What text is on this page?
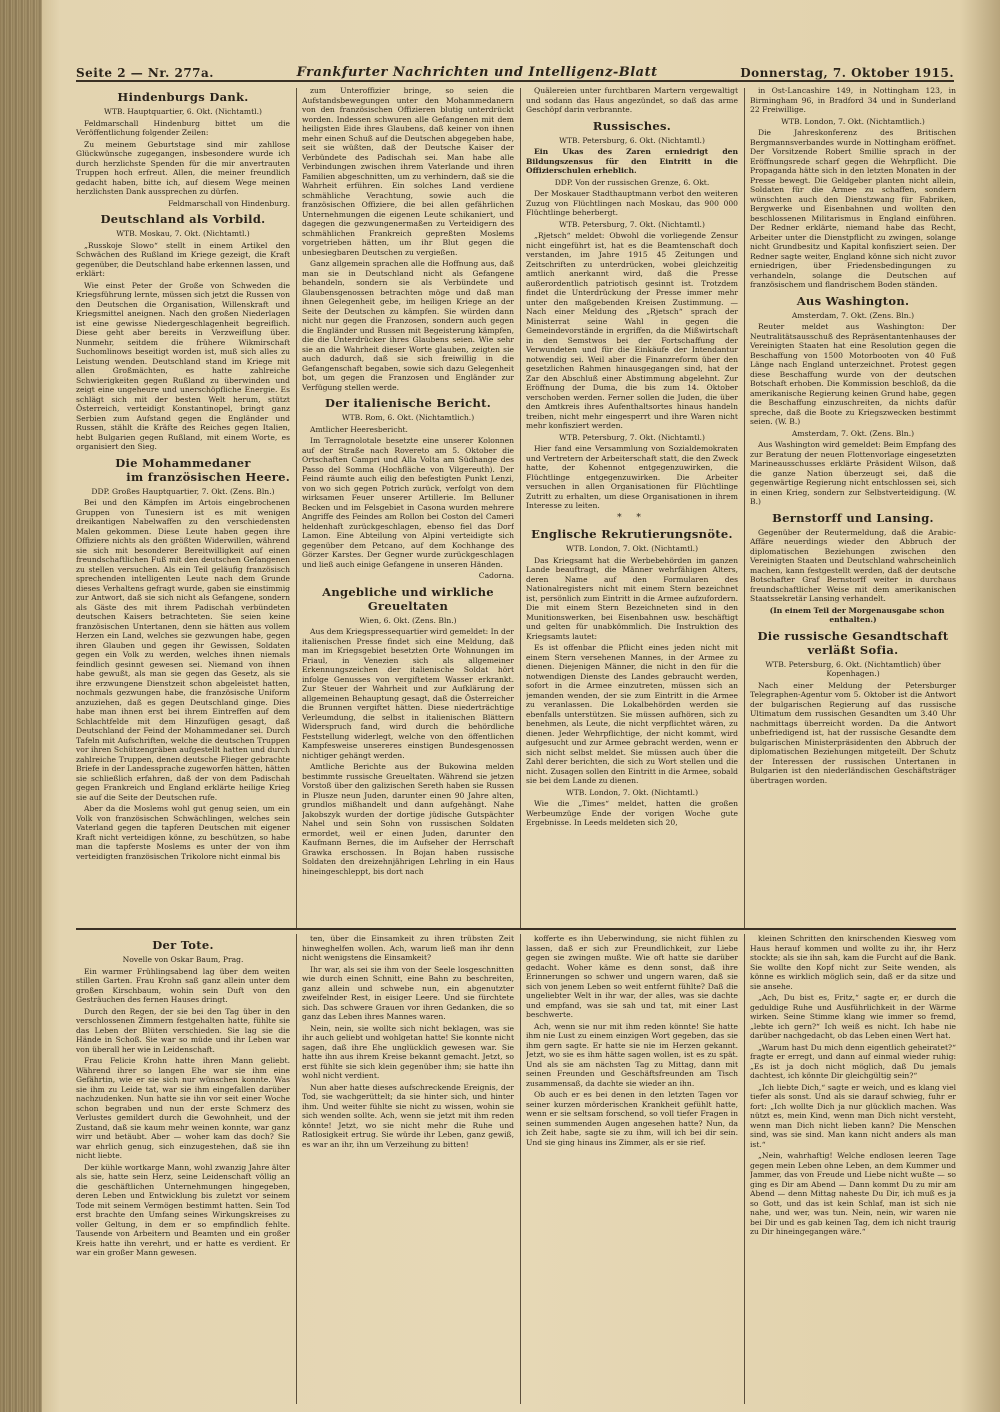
Seite 2 — Nr. 277a.	Frankfurter Nachrichten und Intelligenz-Blatt	Donnerstag, 7. Oktober 1915.
Hindenburgs Dank.
WTB. Hauptquartier, 6. Okt. (Nichtamtl.)

Feldmarschall Hindenburg bittet um die Veröffentlichung folgender Zeilen:

Zu meinem Geburtstage sind mir zahllose Glückwünsche zugegangen, insbesondere wurde ich durch herzlichste Spenden für die mir anvertrauten Truppen hoch erfreut. Allen, die meiner freundlich gedacht haben, bitte ich, auf diesem Wege meinen herzlichsten Dank aussprechen zu dürfen.

Feldmarschall von Hindenburg.

Deutschland als Vorbild.
WTB. Moskau, 7. Okt. (Nichtamtl.)

„Russkoje Slowo“ stellt in einem Artikel den Schwächen des Rußland im Kriege gezeigt, die Kraft gegenüber, die Deutschland habe erkennen lassen, und erklärt:

Wie einst Peter der Große von Schweden die Kriegsführung lernte, müssen sich jetzt die Russen von den Deutschen die Organisation, Willenskraft und Kriegsmittel aneignen. Nach den großen Niederlagen ist eine gewisse Niedergeschlagenheit begreiflich. Diese geht aber bereits in Verzweiflung über. Nunmehr, seitdem die frühere Wikmirschaft Suchomlinows beseitigt worden ist, muß sich alles zu Leistung wenden. Deutschland stand im Kriege mit allen Großmächten, es hatte zahlreiche Schwierigkeiten gegen Rußland zu überwinden und zeigt eine ungeheure und unerschöpfliche Energie. Es schlägt sich mit der besten Welt herum, stützt Österreich, verteidigt Konstantinopel, bringt ganz Serbien zum Aufstand gegen die Engländer und Russen, stählt die Kräfte des Reiches gegen Italien, hebt Bulgarien gegen Rußland, mit einem Worte, es organisiert den Sieg.

Die Mohammedaner
im französischen Heere.
DDP. Großes Hauptquartier, 7. Okt. (Zens. Bln.)

Bei und den Kämpfen im Artois eingebrochenen Gruppen von Tunesiern ist es mit wenigen dreikantigen Nabelwaffen zu den verschiedensten Malen gekommen. Diese Leute haben gegen ihre Offiziere nichts als den größten Widerwillen, während sie sich mit besonderer Bereitwilligkeit auf einen freundschaftlichen Fuß mit den deutschen Gefangenen zu stellen versuchen. Als ein Teil geläufig französisch sprechenden intelligenten Leute nach dem Grunde dieses Verhaltens gefragt wurde, gaben sie einstimmig zur Antwort, daß sie sich nicht als Gefangene, sondern als Gäste des mit ihrem Padischah verbündeten deutschen Kaisers betrachteten. Sie seien keine französischen Untertanen, denn sie hätten aus vollem Herzen ein Land, welches sie gezwungen habe, gegen ihren Glauben und gegen ihr Gewissen, Soldaten gegen ein Volk zu werden, welches ihnen niemals feindlich gesinnt gewesen sei. Niemand von ihnen habe gewußt, als man sie gegen das Gesetz, als sie ihre erzwungene Dienstzeit schon abgeleistet hatten, nochmals gezwungen habe, die französische Uniform anzuziehen, daß es gegen Deutschland ginge. Dies habe man ihnen erst bei ihrem Eintreffen auf dem Schlachtfelde mit dem Hinzufügen gesagt, daß Deutschland der Feind der Mohammedaner sei. Durch Tafeln mit Aufschriften, welche die deutschen Truppen vor ihren Schützengräben aufgestellt hatten und durch zahlreiche Truppen, denen deutsche Flieger gebrachte Briefe in der Landessprache zugeworfen hätten, hätten sie schließlich erfahren, daß der von dem Padischah gegen Frankreich und England erklärte heilige Krieg sie auf die Seite der Deutschen rufe.

Aber da die Moslems wohl gut genug seien, um ein Volk von französischen Schwächlingen, welches sein Vaterland gegen die tapferen Deutschen mit eigener Kraft nicht verteidigen könne, zu beschützen, so habe man die tapferste Moslems es unter der von ihm verteidigten französischen Trikolore nicht einmal bis

zum Unteroffizier bringe, so seien die Aufstandsbewegungen unter den Mohammedanern von den französischen Offizieren blutig unterdrückt worden. Indessen schwuren alle Gefangenen mit dem heiligsten Eide ihres Glaubens, daß keiner von ihnen mehr einen Schuß auf die Deutschen abgegeben habe, seit sie wüßten, daß der Deutsche Kaiser der Verbündete des Padischah sei. Man habe alle Verbindungen zwischen ihrem Vaterlande und ihren Familien abgeschnitten, um zu verhindern, daß sie die Wahrheit erführen. Ein solches Land verdiene schmähliche Verachtung, sowie auch die französischen Offiziere, die bei allen gefährlichen Unternehmungen die eigenen Leute schikaniert, und dagegen die gezwungenermaßen zu Verteidigern des schmählichen Frankreich gepreßten Moslems vorgetrieben hätten, um ihr Blut gegen die unbesiegbaren Deutschen zu vergießen.

Ganz allgemein sprachen alle die Hoffnung aus, daß man sie in Deutschland nicht als Gefangene behandeln, sondern sie als Verbündete und Glaubensgenossen betrachten möge und daß man ihnen Gelegenheit gebe, im heiligen Kriege an der Seite der Deutschen zu kämpfen. Sie würden dann nicht nur gegen die Franzosen, sondern auch gegen die Engländer und Russen mit Begeisterung kämpfen, die die Unterdrücker ihres Glaubens seien. Wie sehr sie an die Wahrheit dieser Worte glauben, zeigten sie auch dadurch, daß sie sich freiwillig in die Gefangenschaft begaben, sowie sich dazu Gelegenheit bot, um gegen die Franzosen und Engländer zur Verfügung stellen werde.

Der italienische Bericht.
WTB. Rom, 6. Okt. (Nichtamtlich.)

Amtlicher Heeresbericht.

Im Terragnolotale besetzte eine unserer Kolonnen auf der Straße nach Rovereto am 5. Oktober die Ortschaften Campri und Alla Volta am Südhange des Passo del Somma (Hochfläche von Vilgereuth). Der Feind räumte auch eilig den befestigten Punkt Lenzi, von wo sich gegen Potrich zurück, verfolgt von dem wirksamen Feuer unserer Artillerie. Im Belluner Becken und im Felsgebiet in Casona wurden mehrere Angriffe des Feindes am Rollon bei Coston del Cameri heldenhaft zurückgeschlagen, ebenso fiel das Dorf Lamon. Eine Abteilung von Alpini verteidigte sich gegenüber dem Petcano, auf dem Kochhange des Görzer Karstes. Der Gegner wurde zurückgeschlagen und ließ auch einige Gefangene in unseren Händen.

Cadorna.

Angebliche und wirkliche Greueltaten
Wien, 6. Okt. (Zens. Bln.)

Aus dem Kriegspressequartier wird gemeldet: In der italienischen Presse findet sich eine Meldung, daß man im Kriegsgebiet besetzten Orte Wohnungen im Friaul, in Venezien sich als allgemeiner Erkennungszeichen der italienische Soldat hört infolge Genusses von vergiftetem Wasser erkrankt. Zur Steuer der Wahrheit und zur Aufklärung der allgemeinen Behauptung gesagt, daß die Österreicher die Brunnen vergiftet hätten. Diese niederträchtige Verleumdung, die selbst in italienischen Blättern Widerspruch fand, wird durch die behördliche Feststellung widerlegt, welche von den öffentlichen Kampfesweise unsereres einstigen Bundesgenossen nichtiger gehängt werden.

Amtliche Berichte aus der Bukowina melden bestimmte russische Greueltaten. Während sie jetzen Vorstoß über den galizischen Sereth haben sie Russen in Plusze neun Juden, darunter einen 90 Jahre alten, grundlos mißhandelt und dann aufgehängt. Nahe Jakobszyk wurden der dortige jüdische Gutspächter Nahel und sein Sohn von russischen Soldaten ermordet, weil er einen Juden, darunter den Kaufmann Bernes, die im Aufseher der Herrschaft Grawka erschossen. In Bojan haben russische Soldaten den dreizehnjährigen Lehrling in ein Haus hineingeschleppt, bis dort nach

Quälereien unter furchtbaren Martern vergewaltigt und sodann das Haus angezündet, so daß das arme Geschöpf darin verbrannte.

Russisches.
WTB. Petersburg, 6. Okt. (Nichtamtl.)

Ein Ukas des Zaren erniedrigt den Bildungszensus für den Eintritt in die Offizierschulen erheblich.

DDP. Von der russischen Grenze, 6. Okt.

Der Moskauer Stadthauptmann verbot den weiteren Zuzug von Flüchtlingen nach Moskau, das 900 000 Flüchtlinge beherbergt.

WTB. Petersburg, 7. Okt. (Nichtamtl.)

„Rjetsch“ meldet: Obwohl die vorliegende Zensur nicht eingeführt ist, hat es die Beamtenschaft doch verstanden, im Jahre 1915 45 Zeitungen und Zeitschriften zu unterdrücken, wobei gleichzeitig amtlich anerkannt wird, daß die Presse außerordentlich patriotisch gesinnt ist. Trotzdem findet die Unterdrückung der Presse immer mehr unter den maßgebenden Kreisen Zustimmung. — Nach einer Meldung des „Rjetsch“ sprach der Ministerrat seine Wahl in gegen die Gemeindevorstände in ergriffen, da die Mißwirtschaft in den Semstwos bei der Fortschaffung der Verwundeten und für die Einkäufe der Intendantur notwendig sei. Weil aber die Finanzreform über den gesetzlichen Rahmen hinausgegangen sind, hat der Zar den Abschluß einer Abstimmung abgelehnt. Zur Eröffnung der Duma, die bis zum 14. Oktober verschoben werden. Ferner sollen die Juden, die über den Amtkreis ihres Aufenthaltsortes hinaus handeln treiben, nicht mehr eingesperrt und ihre Waren nicht mehr konfisziert werden.

WTB. Petersburg, 7. Okt. (Nichtamtl.)

Hier fand eine Versammlung von Sozialdemokraten und Vertretern der Arbeiterschaft statt, die den Zweck hatte, der Kohennot entgegenzuwirken, die Flüchtlinge entgegenzuwirken. Die Arbeiter versuchen in allen Organisationen für Flüchtlinge Zutritt zu erhalten, um diese Organisationen in ihrem Interesse zu leiten.

* *
Englische Rekrutierungsnöte.
WTB. London, 7. Okt. (Nichtamtl.)

Das Kriegsamt hat die Werbebehörden im ganzen Lande beauftragt, die Männer wehrfähigen Alters, deren Name auf den Formularen des Nationalregisters nicht mit einem Stern bezeichnet ist, persönlich zum Eintritt in die Armee aufzufordern. Die mit einem Stern Bezeichneten sind in den Munitionswerken, bei Eisenbahnen usw. beschäftigt und gelten für unabkömmlich. Die Instruktion des Kriegsamts lautet:

Es ist offenbar die Pflicht eines jeden nicht mit einem Stern versehenen Mannes, in der Armee zu dienen. Diejenigen Männer, die nicht in den für die notwendigen Dienste des Landes gebraucht werden, sofort in die Armee einzutreten, müssen sich an jemanden wenden, der sie zum Eintritt in die Armee zu veranlassen. Die Lokalbehörden werden sie ebenfalls unterstützen. Sie müssen aufhören, sich zu benehmen, als Leute, die nicht verpflichtet wären, zu dienen. Jeder Wehrpflichtige, der nicht kommt, wird aufgesucht und zur Armee gebracht werden, wenn er sich nicht selbst meldet. Sie müssen auch über die Zahl derer berichten, die sich zu Wort stellen und die nicht. Zusagen sollen den Eintritt in die Armee, sobald sie bei dem Lande zu dienen.

WTB. London, 7. Okt. (Nichtamtl.)

Wie die „Times“ meldet, hatten die großen Werbeumzüge Ende der vorigen Woche gute Ergebnisse. In Leeds meldeten sich 20,

in Ost-Lancashire 149, in Nottingham 123, in Birmingham 96, in Bradford 34 und in Sunderland 22 Freiwillige.

WTB. London, 7. Okt. (Nichtamtlich.)

Die Jahreskonferenz des Britischen Bergmannsverbandes wurde in Nottingham eröffnet. Der Vorsitzende Robert Smillie sprach in der Eröffnungsrede scharf gegen die Wehrpflicht. Die Propaganda hätte sich in den letzten Monaten in der Presse bewegt. Die Geldgeber planten nicht allein, Soldaten für die Armee zu schaffen, sondern wünschten auch den Dienstzwang für Fabriken, Bergwerke und Eisenbahnen und wollten den beschlossenen Militarismus in England einführen. Der Redner erklärte, niemand habe das Recht, Arbeiter unter die Dienstpflicht zu zwingen, solange nicht Grundbesitz und Kapital konfisziert seien. Der Redner sagte weiter, England könne sich nicht zuvor erniedrigen, über Friedensbedingungen zu verhandeln, solange die Deutschen auf französischem und flandrischem Boden ständen.

Aus Washington.
Amsterdam, 7. Okt. (Zens. Bln.)

Reuter meldet aus Washington: Der Neutralitätsausschuß des Repräsentantenhauses der Vereinigten Staaten hat eine Resolution gegen die Beschaffung von 1500 Motorbooten von 40 Fuß Länge nach England unterzeichnet. Protest gegen diese Beschaffung wurde von der deutschen Botschaft erhoben. Die Kommission beschloß, da die amerikanische Regierung keinen Grund habe, gegen die Beschaffung einzuschreiten, da nichts dafür spreche, daß die Boote zu Kriegszwecken bestimmt seien. (W. B.)

Amsterdam, 7. Okt. (Zens. Bln.)

Aus Washington wird gemeldet: Beim Empfang des zur Beratung der neuen Flottenvorlage eingesetzten Marineausschusses erklärte Präsident Wilson, daß die ganze Nation überzeugt sei, daß die gegenwärtige Regierung nicht entschlossen sei, sich in einen Krieg, sondern zur Selbstverteidigung. (W. B.)

Bernstorff und Lansing.

Gegenüber der Reutermeldung, daß die Arabic-Affäre neuerdings wieder den Abbruch der diplomatischen Beziehungen zwischen den Vereinigten Staaten und Deutschland wahrscheinlich machen, kann festgestellt werden, daß der deutsche Botschafter Graf Bernstorff weiter in durchaus freundschaftlicher Weise mit dem amerikanischen Staatssekretär Lansing verhandelt.

(In einem Teil der Morgenausgabe schon enthalten.)

Die russische Gesandtschaft verläßt Sofia.
WTB. Petersburg, 6. Okt. (Nichtamtlich) über Kopenhagen.)

Nach einer Meldung der Petersburger Telegraphen-Agentur vom 5. Oktober ist die Antwort der bulgarischen Regierung auf das russische Ultimatum dem russischen Gesandten um 3.40 Uhr nachmittags überreicht worden. Da die Antwort unbefriedigend ist, hat der russische Gesandte dem bulgarischen Ministerpräsidenten den Abbruch der diplomatischen Beziehungen mitgeteilt. Der Schutz der Interessen der russischen Untertanen in Bulgarien ist den niederländischen Geschäftsträger übertragen worden.

Der Tote.
Novelle von Oskar Baum, Prag.

Ein warmer Frühlingsabend lag über dem weiten stillen Garten. Frau Krohn saß ganz allein unter dem großen Kirschbaum, wohin sein Duft von den Gesträuchen des fernen Hauses dringt.

Durch den Regen, der sie bei den Tag über in den verschlossenen Zimmern festgehalten hatte, fühlte sie das Leben der Blüten verschieden. Sie lag sie die Hände in Schoß. Sie war so müde und ihr Leben war von überall her wie in Leidenschaft.

Frau Felicie Krohn hatte ihren Mann geliebt. Während ihrer so langen Ehe war sie ihm eine Gefährtin, wie er sie sich nur wünschen konnte. Was sie ihm zu Leide tat, war sie ihm eingefallen darüber nachzudenken. Nun hatte sie ihn vor seit einer Woche schon begraben und nun der erste Schmerz des Verlustes gemildert durch die Gewohnheit, und der Zustand, daß sie kaum mehr weinen konnte, war ganz wirr und betäubt. Aber — woher kam das doch? Sie war ehrlich genug, sich einzugestehen, daß sie ihn nicht liebte.

Der kühle wortkarge Mann, wohl zwanzig Jahre älter als sie, hatte sein Herz, seine Leidenschaft völlig an die geschäftlichen Unternehmungen hingegeben, deren Leben und Entwicklung bis zuletzt vor seinem Tode mit seinem Vermögen bestimmt hatten. Sein Tod erst brachte den Umfang seines Wirkungskreises zu voller Geltung, in dem er so empfindlich fehlte. Tausende von Arbeitern und Beamten und ein großer Kreis hatte ihn verehrt, und er hatte es verdient. Er war ein großer Mann gewesen.

ten, über die Einsamkeit zu ihren trübsten Zeit hinweghelfen wollen. Ach, warum ließ man ihr denn nicht wenigstens die Einsamkeit?

Ihr war, als sei sie ihm von der Seele losgeschnitten wie durch einen Schnitt, eine Bahn zu beschreiten, ganz allein und schwebe nun, ein abgenutzter zweifelnder Rest, in eisiger Leere. Und sie fürchtete sich. Das schwere Grauen vor ihren Gedanken, die so ganz das Leben ihres Mannes waren.

Nein, nein, sie wollte sich nicht beklagen, was sie ihr auch geliebt und wohlgetan hatte! Sie konnte nicht sagen, daß ihre Ehe unglücklich gewesen war. Sie hatte ihn aus ihrem Kreise bekannt gemacht. Jetzt, so erst fühlte sie sich klein gegenüber ihm; sie hatte ihn wohl nicht verdient.

Nun aber hatte dieses aufschreckende Ereignis, der Tod, sie wachgerüttelt; da sie hinter sich, und hinter ihm. Und weiter fühlte sie nicht zu wissen, wohin sie sich wenden sollte. Ach, wenn sie jetzt mit ihm reden könnte! Jetzt, wo sie nicht mehr die Ruhe und Ratlosigkeit ertrug. Sie würde ihr Leben, ganz gewiß, es war an ihr, ihn um Verzeihung zu bitten!

kofferte es ihn Ueberwindung, sie nicht fühlen zu lassen, daß er sich zur Freundlichkeit, zur Liebe gegen sie zwingen mußte. Wie oft hatte sie darüber gedacht. Woher käme es denn sonst, daß ihre Erinnerungen so schwer und ungern waren, daß sie sich von jenem Leben so weit entfernt fühlte? Daß die ungeliebter Welt in ihr war, der alles, was sie dachte und empfand, was sie sah und tat, mit einer Last beschwerte.

Ach, wenn sie nur mit ihm reden könnte! Sie hatte ihm nie Lust zu einem einzigen Wort gegeben, das sie ihm gern sagte. Er hatte sie nie im Herzen gekannt. Jetzt, wo sie es ihm hätte sagen wollen, ist es zu spät. Und als sie am nächsten Tag zu Mittag, dann mit seinen Freunden und Geschäftsfreunden am Tisch zusammensaß, da dachte sie wieder an ihn.

Ob auch er es bei denen in den letzten Tagen vor seiner kurzen mörderischen Krankheit gefühlt hatte, wenn er sie seltsam forschend, so voll tiefer Fragen in seinen summenden Augen angesehen hatte? Nun, da ich Zeit habe, sagte sie zu ihm, will ich bei dir sein. Und sie ging hinaus ins Zimmer, als er sie rief.

kleinen Schritten den knirschenden Kiesweg vom Haus herauf kommen und wollte zu ihr, ihr Herz stockte; als sie ihn sah, kam die Furcht auf die Bank. Sie wollte den Kopf nicht zur Seite wenden, als könne es wirklich möglich sein, daß er da sitze und sie ansehe.

„Ach, Du bist es, Fritz,“ sagte er, er durch die geduldige Ruhe und Ausführlichkeit in der Wärme wirken. Seine Stimme klang wie immer so fremd, „lebte ich gern?“ Ich weiß es nicht. Ich habe nie darüber nachgedacht, ob das Leben einen Wert hat.

„Warum hast Du mich denn eigentlich geheiratet?“ fragte er erregt, und dann auf einmal wieder ruhig: „Es ist ja doch nicht möglich, daß Du jemals dachtest, ich könnte Dir gleichgültig sein?“

„Ich liebte Dich,“ sagte er weich, und es klang viel tiefer als sonst. Und als sie darauf schwieg, fuhr er fort: „Ich wollte Dich ja nur glücklich machen. Was nützt es, mein Kind, wenn man Dich nicht versteht, wenn man Dich nicht lieben kann? Die Menschen sind, was sie sind. Man kann nicht anders als man ist.“

„Nein, wahrhaftig! Welche endlosen leeren Tage gegen mein Leben ohne Leben, an dem Kummer und Jammer, das von Freude und Liebe nicht wußte — so ging es Dir am Abend — Dann kommt Du zu mir am Abend — denn Mittag naheste Du Dir, ich muß es ja so Gott, und das ist kein Schlaf, man ist sich nie nahe, und wer, was tun. Nein, nein, wir waren nie bei Dir und es gab keinen Tag, dem ich nicht traurig zu Dir hineingegangen wäre.“
